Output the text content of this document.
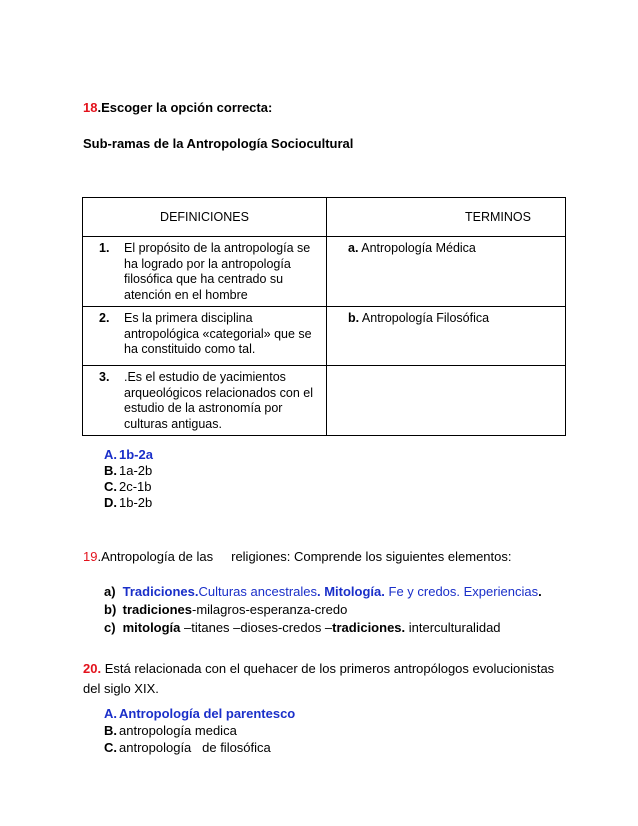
18.Escoger la opción correcta:
Sub-ramas de la Antropología Sociocultural
DEFINICIONES	TERMINOS

1. El propósito de la antropología se ha logrado por la antropología filosófica que ha centrado su atención en el hombre	a. Antropología Médica

2. Es la primera disciplina antropológica «categorial» que se ha constituido como tal.	b. Antropología Filosófica

3. .Es el estudio de yacimientos arqueológicos relacionados con el estudio de la astronomía por culturas antiguas.	

A. 1b-2a
B. 1a-2b
C. 2c-1b
D. 1b-2b
19.Antropología de las religiones: Comprende los siguientes elementos:
a) Tradiciones.Culturas ancestrales. Mitología. Fe y credos. Experiencias.
b) tradiciones-milagros-esperanza-credo
c) mitología –titanes –dioses-credos –tradiciones. interculturalidad
20. Está relacionada con el quehacer de los primeros antropólogos evolucionistas
del siglo XIX.
A. Antropología del parentesco
B. antropología medica
C. antropología   de filosófica
